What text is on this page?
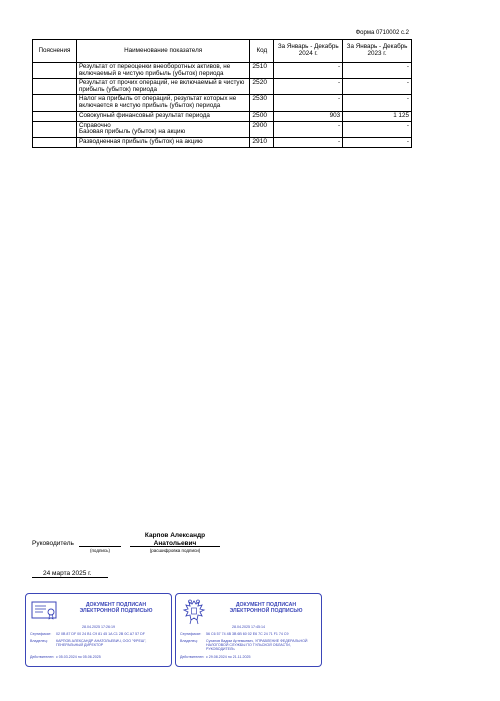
Форма 0710002 с.2
Пояснения	Наименование показателя	Код	За Январь - Декабрь 2024 г.	За Январь - Декабрь 2023 г.
	Результат от переоценки внеоборотных активов, не включаемый в чистую прибыль (убыток) периода	2510	-	-
	Результат от прочих операций, не включаемый в чистую прибыль (убыток) периода	2520	-	-
	Налог на прибыль от операций, результат которых не включается в чистую прибыль (убыток) периода	2530	-	-
	Совокупный финансовый результат периода	2500	903	1 125
	Справочно
Базовая прибыль (убыток) на акцию	2900	-	-
	Разводненная прибыль (убыток) на акцию	2910	-	-
Руководитель
(подпись)
Карпов Александр Анатольевич
(расшифровка подписи)
24 марта 2025 г.
ДОКУМЕНТ ПОДПИСАН ЭЛЕКТРОННОЙ ПОДПИСЬЮ
28.04.2025 17:26:19
Сертификат:	02 0B 87 DF 00 24 B1 C9 81 45 1A C1 2B 0C A7 57 DF
Владелец:	КАРПОВ АЛЕКСАНДР АНАТОЛЬЕВИЧ, ООО "ФРЕШ", ГЕНЕРАЛЬНЫЙ ДИРЕКТОР
Действителен: с 05.03.2024 по 05.06.2025
ДОКУМЕНТ ПОДПИСАН ЭЛЕКТРОННОЙ ПОДПИСЬЮ
28.04.2025 17:45:14
Сертификат:	56 C6 57 74 4B 3B 6B 60 02 E6 7C 24 71 F1 74 C9
Владелец:	Суханов Вадим Артемьевич, УПРАВЛЕНИЕ ФЕДЕРАЛЬНОЙ НАЛОГОВОЙ СЛУЖБЫ ПО ТУЛЬСКОЙ ОБЛАСТИ, РУКОВОДИТЕЛЬ
Действителен: с 29.08.2024 по 21.11.2025
